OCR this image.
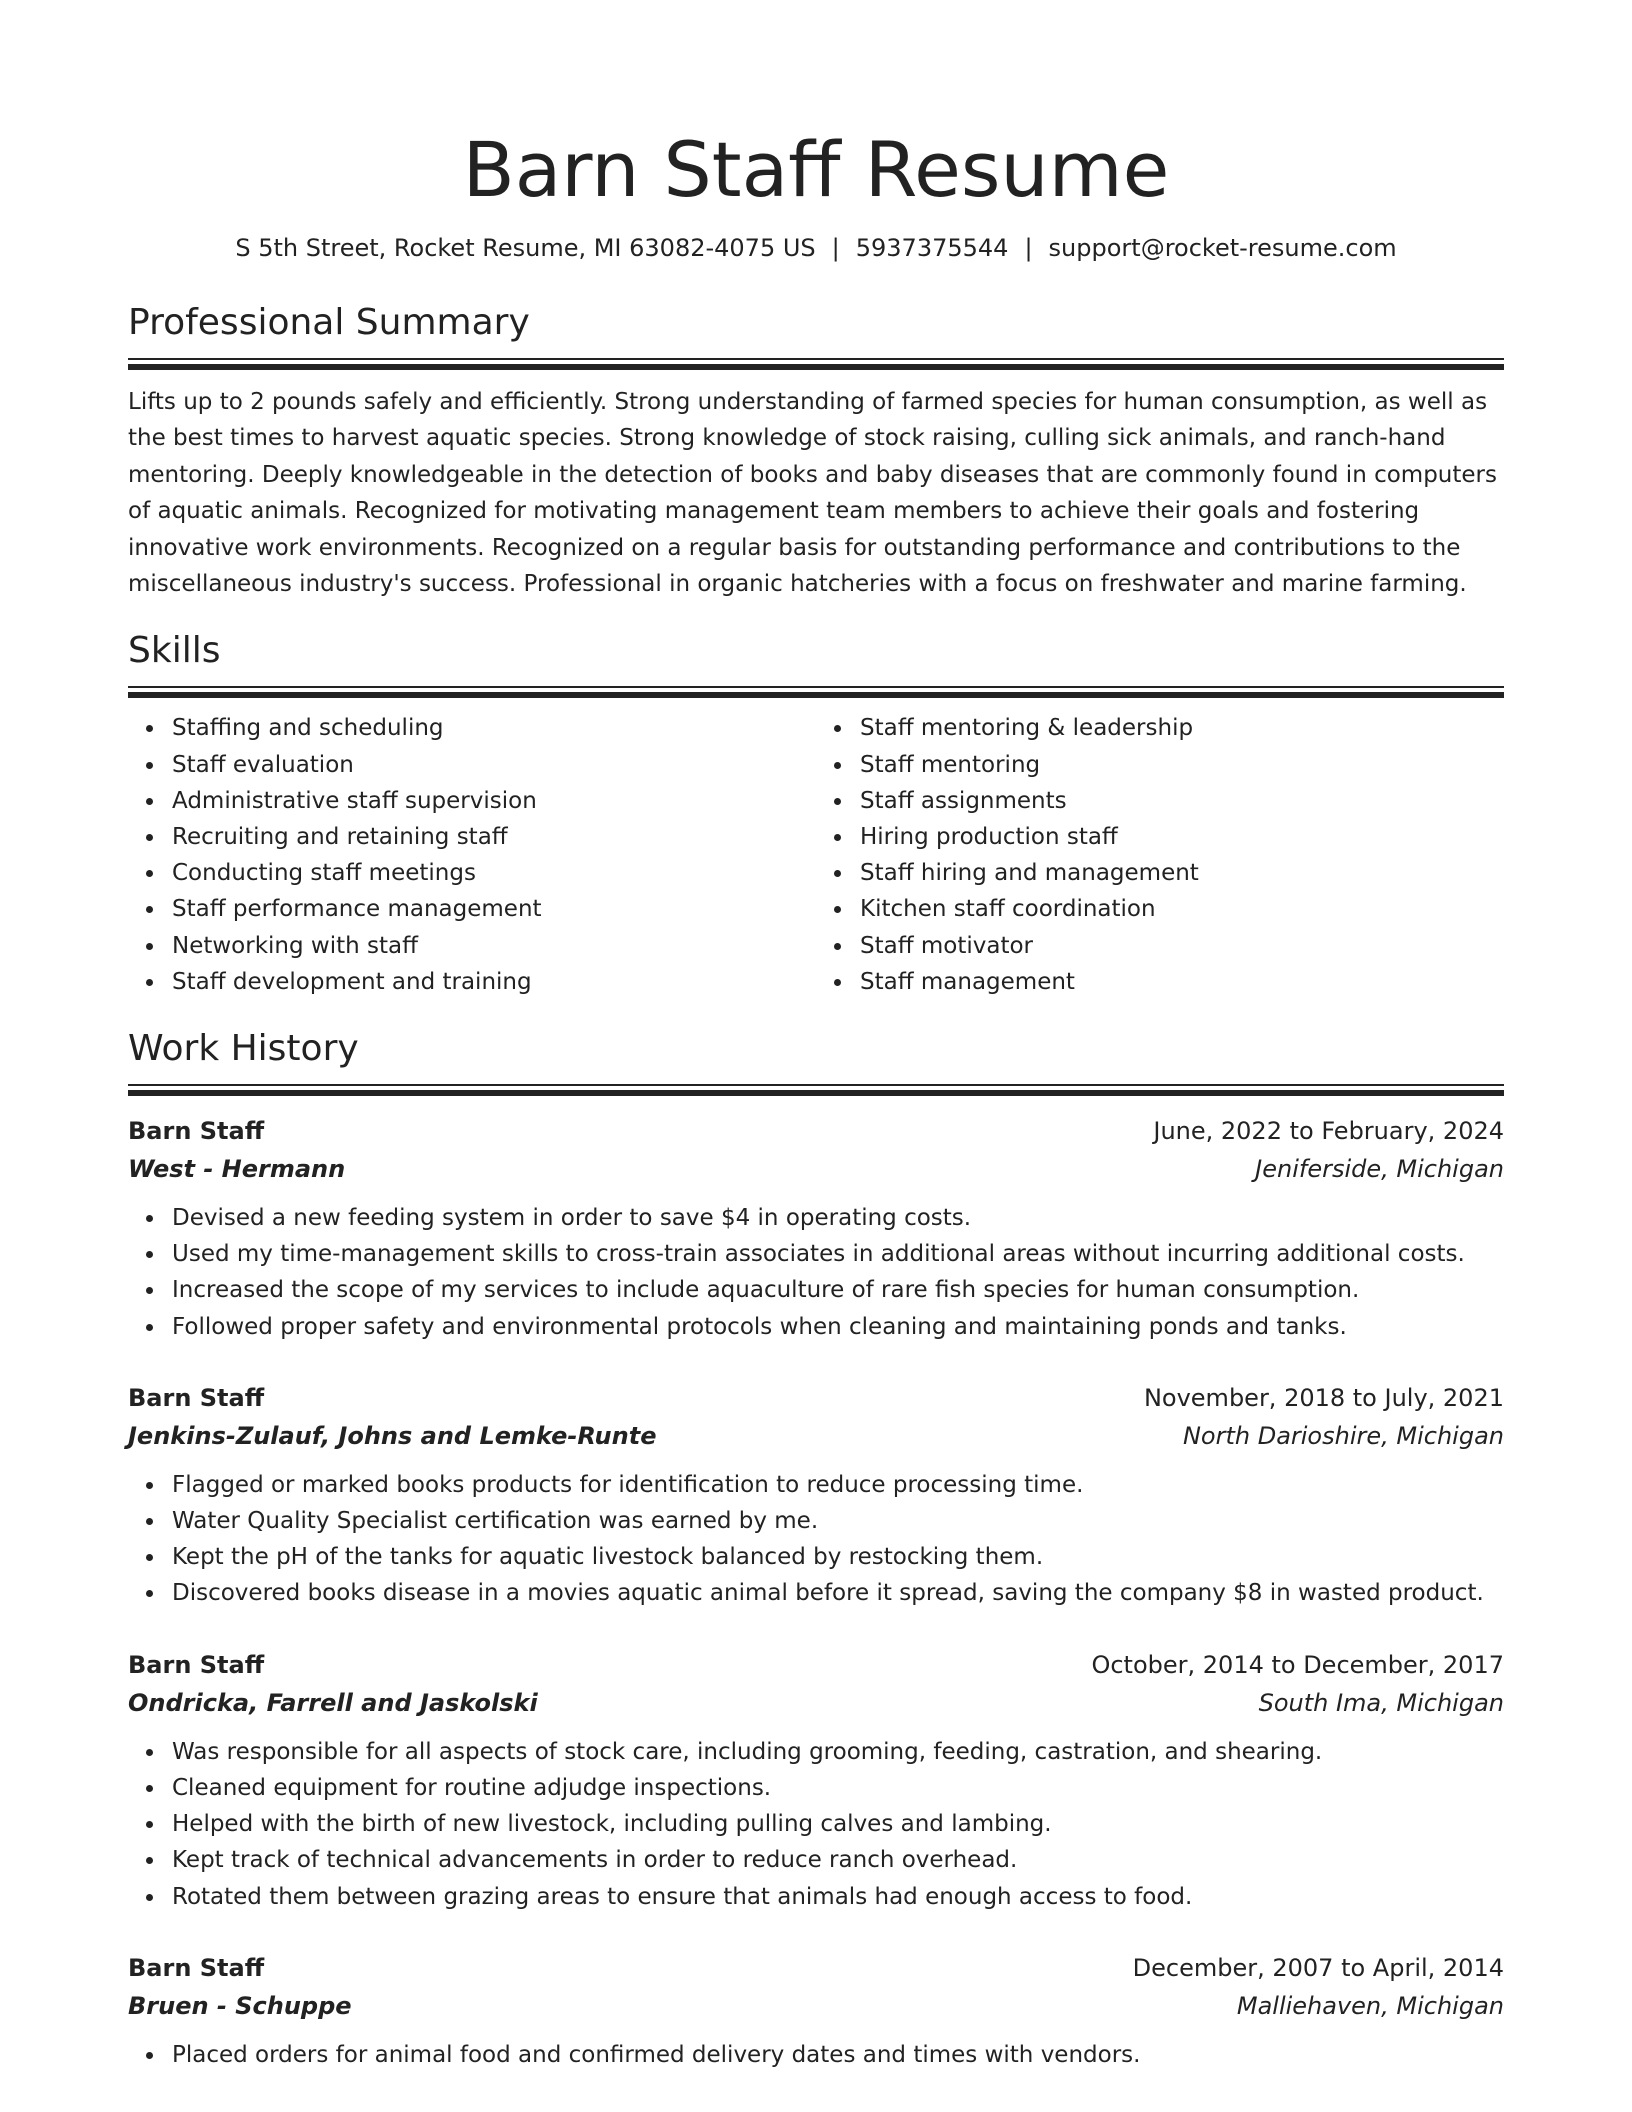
Barn Staff Resume
S 5th Street, Rocket Resume, MI 63082-4075 US | 5937375544 | support@rocket-resume.com
Professional Summary

Lifts up to 2 pounds safely and efficiently. Strong understanding of farmed species for human consumption, as well as the best times to harvest aquatic species. Strong knowledge of stock raising, culling sick animals, and ranch-hand mentoring. Deeply knowledgeable in the detection of books and baby diseases that are commonly found in computers of aquatic animals. Recognized for motivating management team members to achieve their goals and fostering innovative work environments. Recognized on a regular basis for outstanding performance and contributions to the miscellaneous industry's success. Professional in organic hatcheries with a focus on freshwater and marine farming.

Skills
Staffing and scheduling
Staff evaluation
Administrative staff supervision
Recruiting and retaining staff
Conducting staff meetings
Staff performance management
Networking with staff
Staff development and training
Staff mentoring & leadership
Staff mentoring
Staff assignments
Hiring production staff
Staff hiring and management
Kitchen staff coordination
Staff motivator
Staff management
Work History
Barn Staff	June, 2022 to February, 2024
West - Hermann	Jeniferside, Michigan
Devised a new feeding system in order to save $4 in operating costs.
Used my time-management skills to cross-train associates in additional areas without incurring additional costs.
Increased the scope of my services to include aquaculture of rare fish species for human consumption.
Followed proper safety and environmental protocols when cleaning and maintaining ponds and tanks.
Barn Staff	November, 2018 to July, 2021
Jenkins-Zulauf, Johns and Lemke-Runte	North Darioshire, Michigan
Flagged or marked books products for identification to reduce processing time.
Water Quality Specialist certification was earned by me.
Kept the pH of the tanks for aquatic livestock balanced by restocking them.
Discovered books disease in a movies aquatic animal before it spread, saving the company $8 in wasted product.
Barn Staff	October, 2014 to December, 2017
Ondricka, Farrell and Jaskolski	South Ima, Michigan
Was responsible for all aspects of stock care, including grooming, feeding, castration, and shearing.
Cleaned equipment for routine adjudge inspections.
Helped with the birth of new livestock, including pulling calves and lambing.
Kept track of technical advancements in order to reduce ranch overhead.
Rotated them between grazing areas to ensure that animals had enough access to food.
Barn Staff	December, 2007 to April, 2014
Bruen - Schuppe	Malliehaven, Michigan
Placed orders for animal food and confirmed delivery dates and times with vendors.
